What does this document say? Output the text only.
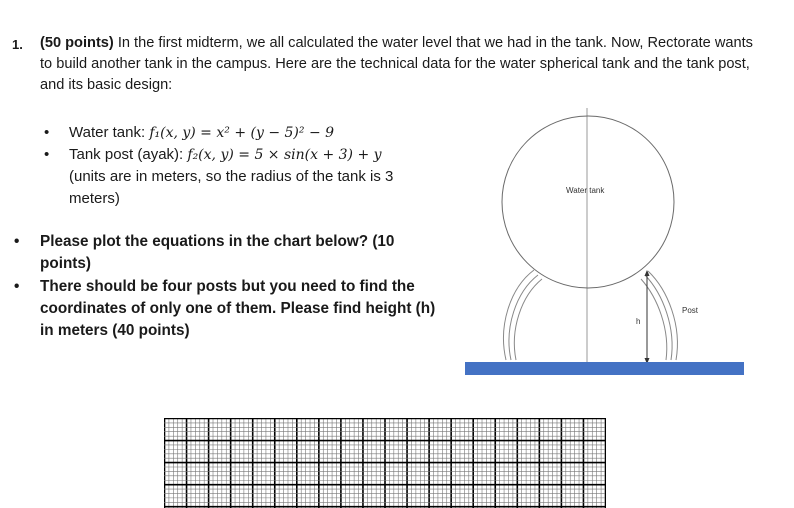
1. (50 points) In the first midterm, we all calculated the water level that we had in the tank. Now, Rectorate wants to build another tank in the campus. Here are the technical data for the water spherical tank and the tank post, and its basic design:
• Water tank: f₁(x, y) = x² + (y − 5)² − 9
• Tank post (ayak): f₂(x, y) = 5 × sin(x + 3) + y
(units are in meters, so the radius of the tank is 3 meters)
• Please plot the equations in the chart below? (10 points)
• There should be four posts but you need to find the coordinates of only one of them. Please find height (h) in meters (40 points)
Water tank
h
Post
